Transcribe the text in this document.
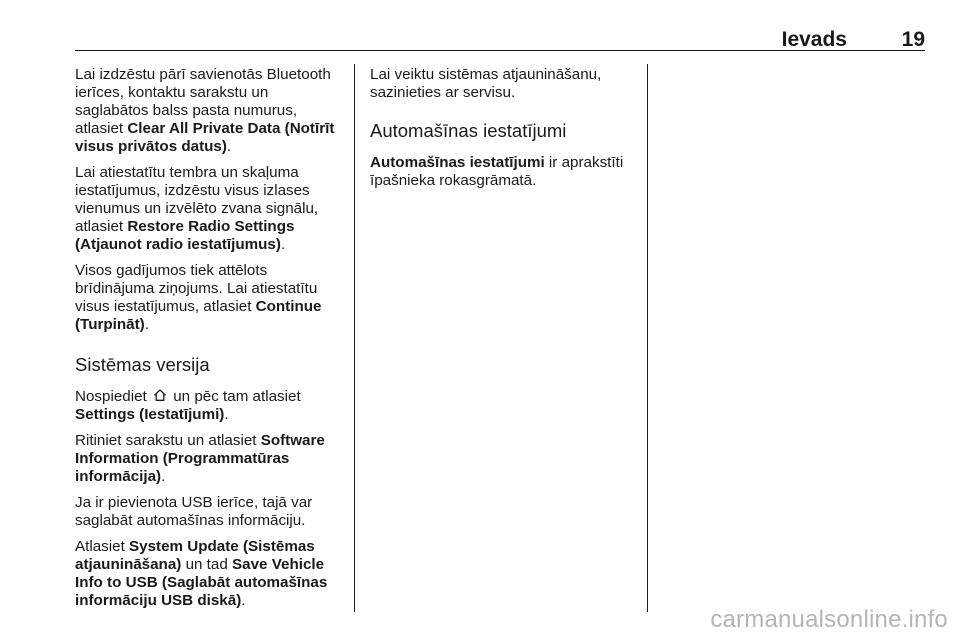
Ievads	19

Lai izdzēstu pārī savienotās Bluetooth ierīces, kontaktu sarakstu un saglabātos balss pasta numurus, atlasiet Clear All Private Data (Notīrīt visus privātos datus).

Lai atiestatītu tembra un skaļuma iestatījumus, izdzēstu visus izlases vienumus un izvēlēto zvana signālu, atlasiet Restore Radio Settings (Atjaunot radio iestatījumus).

Visos gadījumos tiek attēlots brīdinājuma ziņojums. Lai atiestatītu visus iestatījumus, atlasiet Continue (Turpināt).

Sistēmas versija

Nospiediet  un pēc tam atlasiet Settings (Iestatījumi).

Ritiniet sarakstu un atlasiet Software Information (Programmatūras informācija).

Ja ir pievienota USB ierīce, tajā var saglabāt automašīnas informāciju.

Atlasiet System Update (Sistēmas atjaunināšana) un tad Save Vehicle Info to USB (Saglabāt automašīnas informāciju USB diskā).

Lai veiktu sistēmas atjaunināšanu, sazinieties ar servisu.

Automašīnas iestatījumi

Automašīnas iestatījumi ir aprakstīti īpašnieka rokasgrāmatā.

carmanualsonline.info
